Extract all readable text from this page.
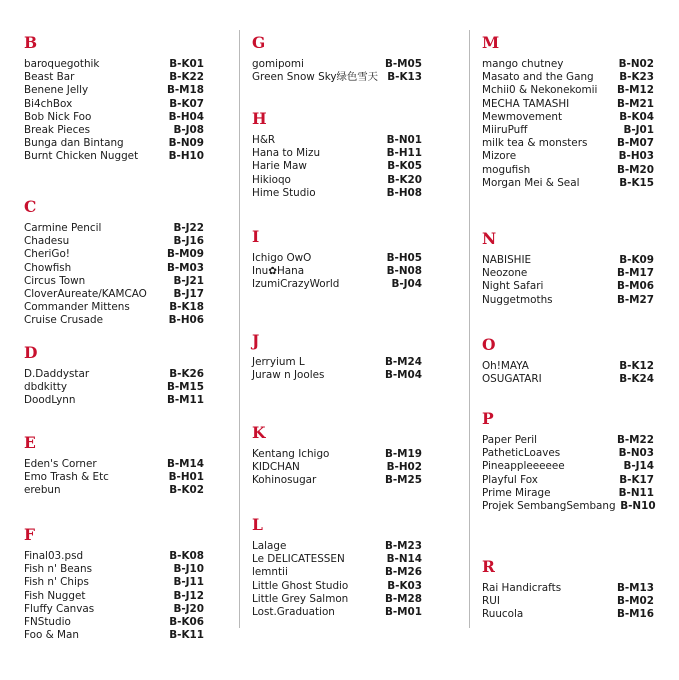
B
baroquegothik	B-K01
Beast Bar	B-K22
Benene Jelly	B-M18
Bi4chBox	B-K07
Bob Nick Foo	B-H04
Break Pieces	B-J08
Bunga dan Bintang	B-N09
Burnt Chicken Nugget	B-H10
C
Carmine Pencil	B-J22
Chadesu	B-J16
CheriGo!	B-M09
Chowfish	B-M03
Circus Town	B-J21
CloverAureate/KAMCAO	B-J17
Commander Mittens	B-K18
Cruise Crusade	B-H06
D
D.Daddystar	B-K26
dbdkitty	B-M15
DoodLynn	B-M11
E
Eden's Corner	B-M14
Emo Trash & Etc	B-H01
erebun	B-K02
F
Final03.psd	B-K08
Fish n' Beans	B-J10
Fish n' Chips	B-J11
Fish Nugget	B-J12
Fluffy Canvas	B-J20
FNStudio	B-K06
Foo & Man	B-K11
G
gomipomi	B-M05
Green Snow Sky绿色雪天 B-K13
H
H&R	B-N01
Hana to Mizu	B-H11
Harie Maw	B-K05
Hikioqo	B-K20
Hime Studio	B-H08
I
Ichigo OwO	B-H05
Inu✿Hana	B-N08
IzumiCrazyWorld	B-J04
J
Jerryium L	B-M24
Juraw n Jooles	B-M04
K
Kentang Ichigo	B-M19
KIDCHAN	B-H02
Kohinosugar	B-M25
L
Lalage	B-M23
Le DELICATESSEN	B-N14
lemntii	B-M26
Little Ghost Studio	B-K03
Little Grey Salmon	B-M28
Lost.Graduation	B-M01
M
mango chutney	B-N02
Masato and the Gang	B-K23
Mchii0 & Nekonekomii B-M12
MECHA TAMASHI	B-M21
Mewmovement	B-K04
MiiruPuff	B-J01
milk tea & monsters	B-M07
Mizore	B-H03
mogufish	B-M20
Morgan Mei & Seal	B-K15
N
NABISHIE	B-K09
Neozone	B-M17
Night Safari	B-M06
Nuggetmoths	B-M27
O
Oh!MAYA	B-K12
OSUGATARI	B-K24
P
Paper Peril	B-M22
PatheticLoaves	B-N03
Pineappleeeeee	B-J14
Playful Fox	B-K17
Prime Mirage	B-N11
Projek SembangSembang B-N10
R
Rai Handicrafts	B-M13
RUI	B-M02
Ruucola	B-M16
